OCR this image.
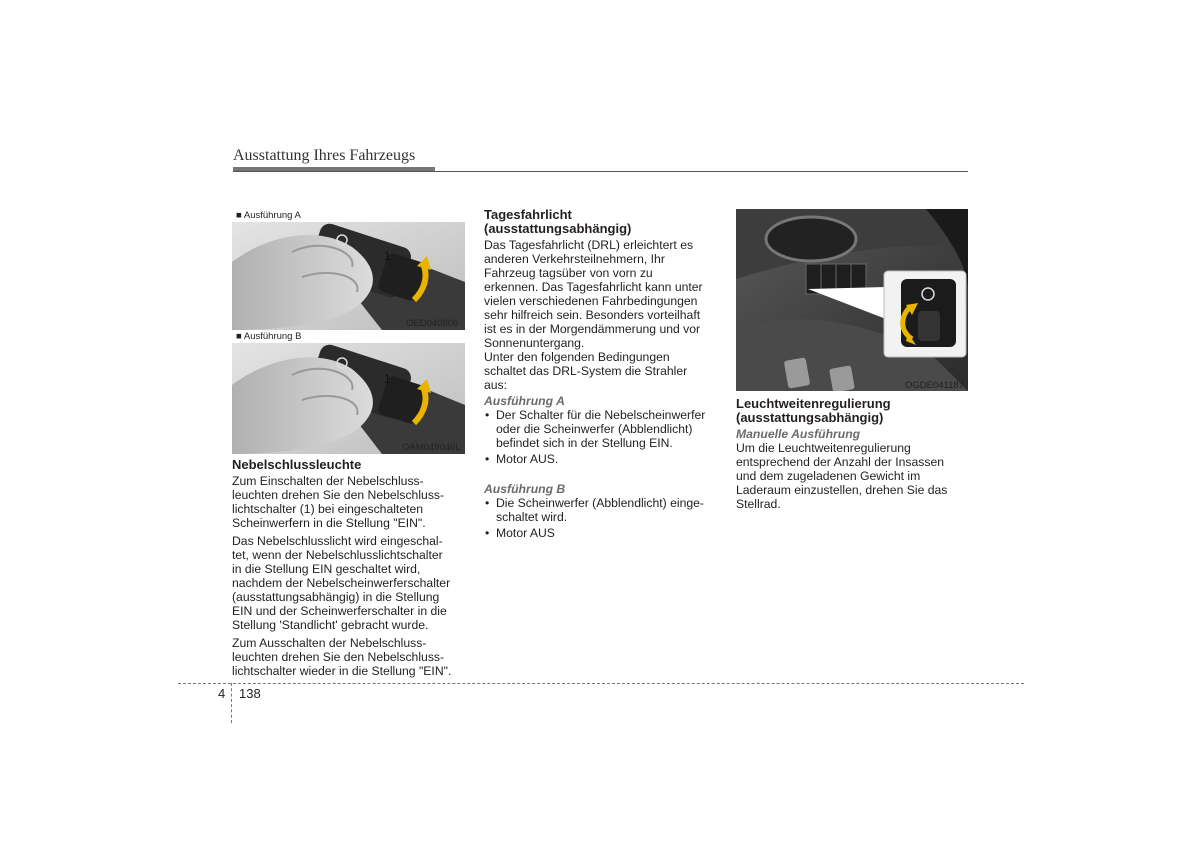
Ausstattung Ihres Fahrzeugs
■ Ausführung A
1
OED040806
■ Ausführung B
1
OAM049046L
Nebelschlussleuchte

Zum Einschalten der Nebelschluss-
leuchten drehen Sie den Nebelschluss-
lichtschalter (1) bei eingeschalteten
Scheinwerfern in die Stellung "EIN".

Das Nebelschlusslicht wird eingeschal-
tet, wenn der Nebelschlusslichtschalter
in die Stellung EIN geschaltet wird,
nachdem der Nebelscheinwerferschalter
(ausstattungsabhängig) in die Stellung
EIN und der Scheinwerferschalter in die
Stellung 'Standlicht' gebracht wurde.

Zum Ausschalten der Nebelschluss-
leuchten drehen Sie den Nebelschluss-
lichtschalter wieder in die Stellung "EIN".

Tagesfahrlicht
(ausstattungsabhängig)

Das Tagesfahrlicht (DRL) erleichtert es
anderen Verkehrsteilnehmern, Ihr
Fahrzeug tagsüber von vorn zu
erkennen. Das Tagesfahrlicht kann unter
vielen verschiedenen Fahrbedingungen
sehr hilfreich sein. Besonders vorteilhaft
ist es in der Morgendämmerung und vor
Sonnenuntergang.

Unter den folgenden Bedingungen
schaltet das DRL-System die Strahler
aus:

Ausführung A
• Der Schalter für die Nebelscheinwerfer
oder die Scheinwerfer (Abblendlicht)
befindet sich in der Stellung EIN.
• Motor AUS.
Ausführung B
• Die Scheinwerfer (Abblendlicht) einge-
schaltet wird.
• Motor AUS
OGDE041187
Leuchtweitenregulierung
(ausstattungsabhängig)
Manuelle Ausführung

Um die Leuchtweitenregulierung
entsprechend der Anzahl der Insassen
und dem zugeladenen Gewicht im
Laderaum einzustellen, drehen Sie das
Stellrad.

4 138
